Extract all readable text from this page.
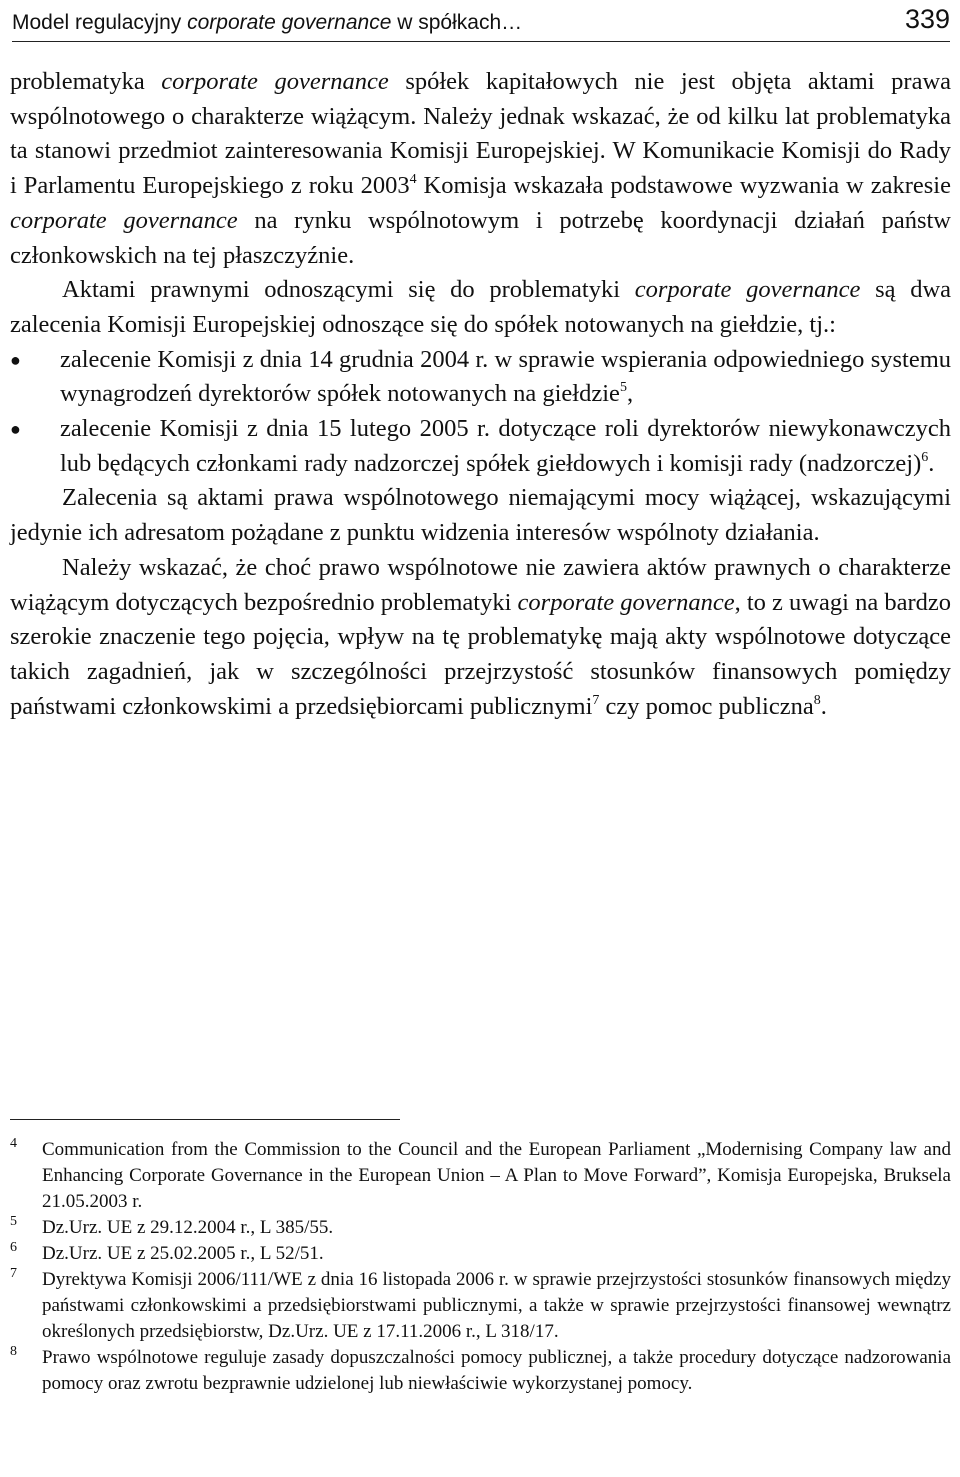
Model regulacyjny corporate governance w spółkach…	339

problematyka corporate governance spółek kapitałowych nie jest objęta aktami prawa wspólnotowego o charakterze wiążącym. Należy jednak wskazać, że od kilku lat problematyka ta stanowi przedmiot zainteresowania Komisji Europejskiej. W Komunikacie Komisji do Rady i Parlamentu Europejskiego z roku 2003$^4$ Komisja wskazała podstawowe wyzwania w zakresie corporate governance na rynku wspólnotowym i potrzebę koordynacji działań państw członkowskich na tej płaszczyźnie.

Aktami prawnymi odnoszącymi się do problematyki corporate governance są dwa zalecenia Komisji Europejskiej odnoszące się do spółek notowanych na giełdzie, tj.:

● zalecenie Komisji z dnia 14 grudnia 2004 r. w sprawie wspierania odpowiedniego systemu wynagrodzeń dyrektorów spółek notowanych na giełdzie$^5$,
● zalecenie Komisji z dnia 15 lutego 2005 r. dotyczące roli dyrektorów niewykonawczych lub będących członkami rady nadzorczej spółek giełdowych i komisji rady (nadzorczej)$^6$.

Zalecenia są aktami prawa wspólnotowego niemającymi mocy wiążącej, wskazującymi jedynie ich adresatom pożądane z punktu widzenia interesów wspólnoty działania.

Należy wskazać, że choć prawo wspólnotowe nie zawiera aktów prawnych o charakterze wiążącym dotyczących bezpośrednio problematyki corporate governance, to z uwagi na bardzo szerokie znaczenie tego pojęcia, wpływ na tę problematykę mają akty wspólnotowe dotyczące takich zagadnień, jak w szczególności przejrzystość stosunków finansowych pomiędzy państwami członkowskimi a przedsiębiorcami publicznymi$^7$ czy pomoc publiczna$^8$.

4 Communication from the Commission to the Council and the European Parliament „Modernising Company law and Enhancing Corporate Governance in the European Union – A Plan to Move Forward”, Komisja Europejska, Bruksela 21.05.2003 r.
5 Dz.Urz. UE z 29.12.2004 r., L 385/55.
6 Dz.Urz. UE z 25.02.2005 r., L 52/51.
7 Dyrektywa Komisji 2006/111/WE z dnia 16 listopada 2006 r. w sprawie przejrzystości stosunków finansowych między państwami członkowskimi a przedsiębiorstwami publicznymi, a także w sprawie przejrzystości finansowej wewnątrz określonych przedsiębiorstw, Dz.Urz. UE z 17.11.2006 r., L 318/17.
8 Prawo wspólnotowe reguluje zasady dopuszczalności pomocy publicznej, a także procedury dotyczące nadzorowania pomocy oraz zwrotu bezprawnie udzielonej lub niewłaściwie wykorzystanej pomocy.
